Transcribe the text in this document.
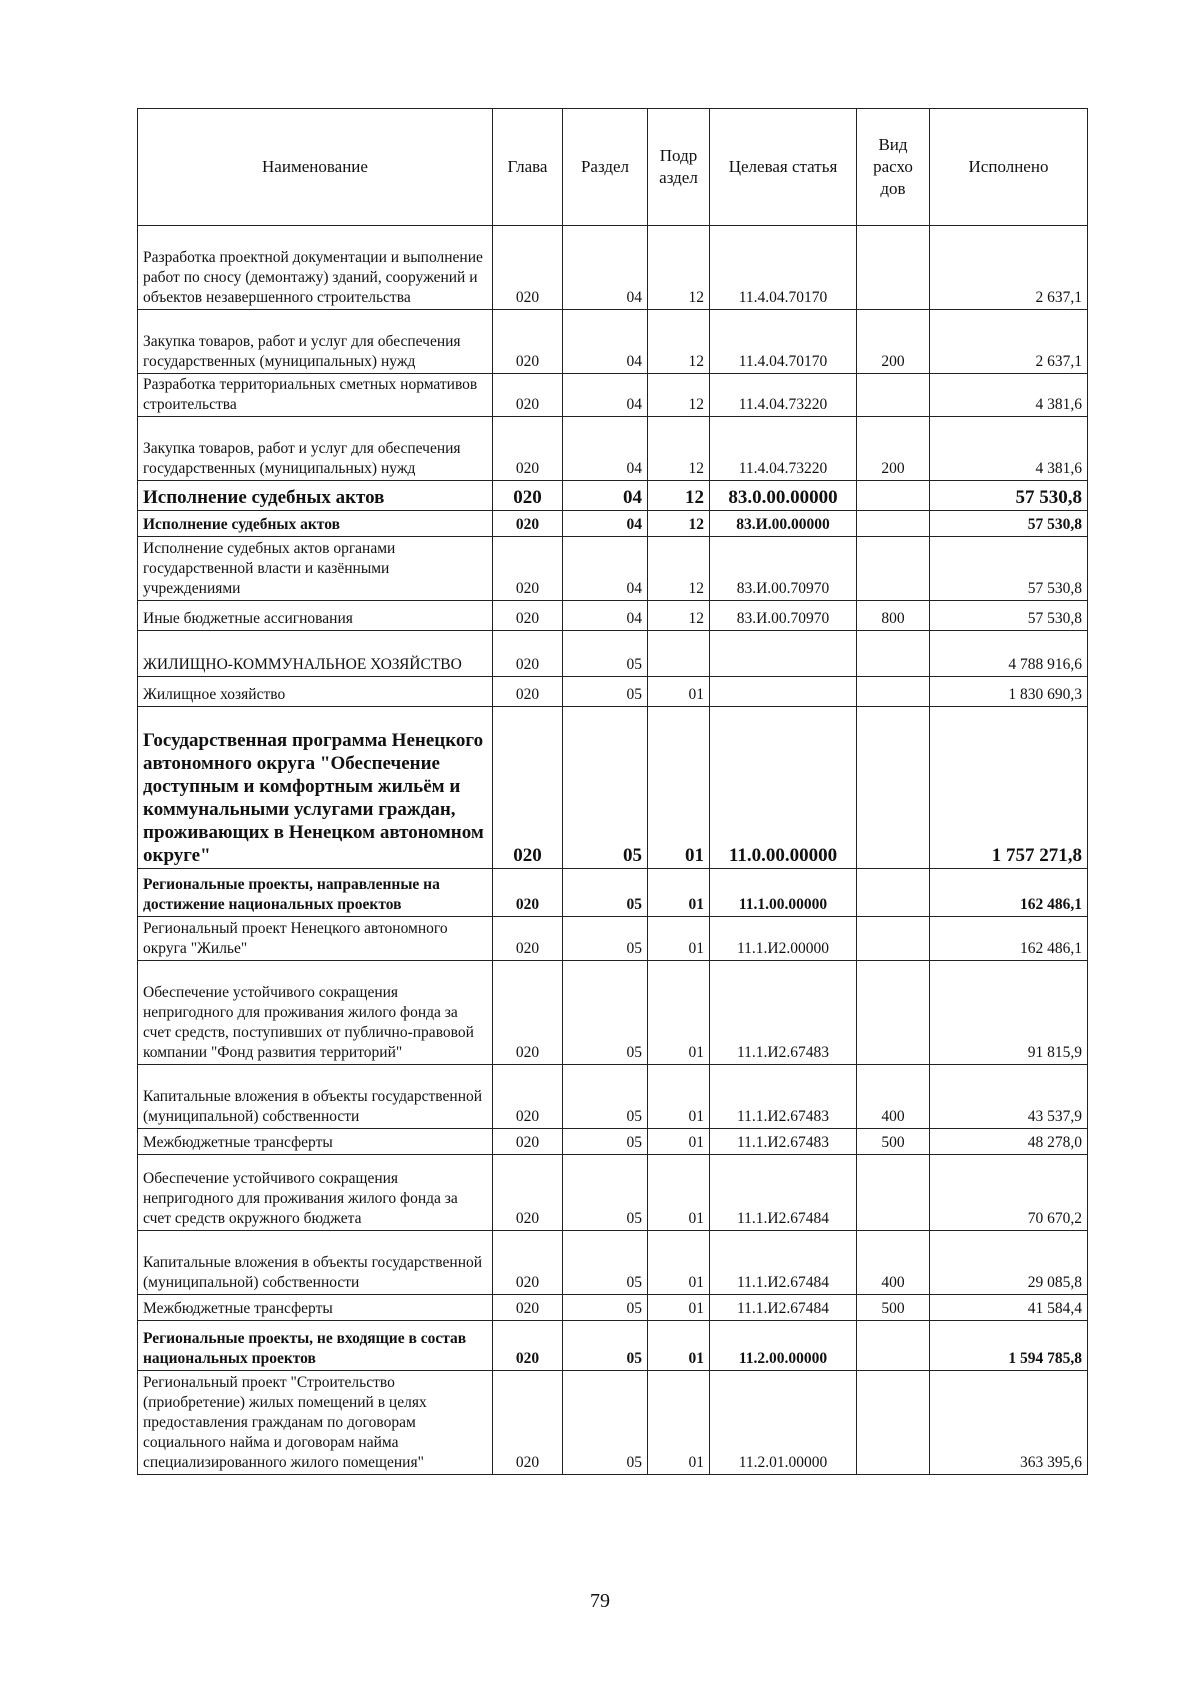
Наименование	Глава	Раздел	Подр аздел	Целевая статья	Вид расхо дов	Исполнено
Разработка проектной документации и выполнение работ по сносу (демонтажу) зданий, сооружений и объектов незавершенного строительства	020	04	12	11.4.04.70170		2 637,1
Закупка товаров, работ и услуг для обеспечения государственных (муниципальных) нужд	020	04	12	11.4.04.70170	200	2 637,1
Разработка территориальных сметных нормативов строительства	020	04	12	11.4.04.73220		4 381,6
Закупка товаров, работ и услуг для обеспечения государственных (муниципальных) нужд	020	04	12	11.4.04.73220	200	4 381,6
Исполнение судебных актов	020	04	12	83.0.00.00000		57 530,8
Исполнение судебных актов	020	04	12	83.И.00.00000		57 530,8
Исполнение судебных актов органами государственной власти и казёнными учреждениями	020	04	12	83.И.00.70970		57 530,8
Иные бюджетные ассигнования	020	04	12	83.И.00.70970	800	57 530,8
ЖИЛИЩНО-КОММУНАЛЬНОЕ ХОЗЯЙСТВО	020	05				4 788 916,6
Жилищное хозяйство	020	05	01			1 830 690,3
Государственная программа Ненецкого автономного округа "Обеспечение доступным и комфортным жильём и коммунальными услугами граждан, проживающих в Ненецком автономном округе"	020	05	01	11.0.00.00000		1 757 271,8
Региональные проекты, направленные на достижение национальных проектов	020	05	01	11.1.00.00000		162 486,1
Региональный проект Ненецкого автономного округа "Жилье"	020	05	01	11.1.И2.00000		162 486,1
Обеспечение устойчивого сокращения непригодного для проживания жилого фонда за счет средств, поступивших от публично-правовой компании "Фонд развития территорий"	020	05	01	11.1.И2.67483		91 815,9
Капитальные вложения в объекты государственной (муниципальной) собственности	020	05	01	11.1.И2.67483	400	43 537,9
Межбюджетные трансферты	020	05	01	11.1.И2.67483	500	48 278,0
Обеспечение устойчивого сокращения непригодного для проживания жилого фонда за счет средств окружного бюджета	020	05	01	11.1.И2.67484		70 670,2
Капитальные вложения в объекты государственной (муниципальной) собственности	020	05	01	11.1.И2.67484	400	29 085,8
Межбюджетные трансферты	020	05	01	11.1.И2.67484	500	41 584,4
Региональные проекты, не входящие в состав национальных проектов	020	05	01	11.2.00.00000		1 594 785,8
Региональный проект "Строительство (приобретение) жилых помещений в целях предоставления гражданам по договорам социального найма и договорам найма специализированного жилого помещения"	020	05	01	11.2.01.00000		363 395,6
79
